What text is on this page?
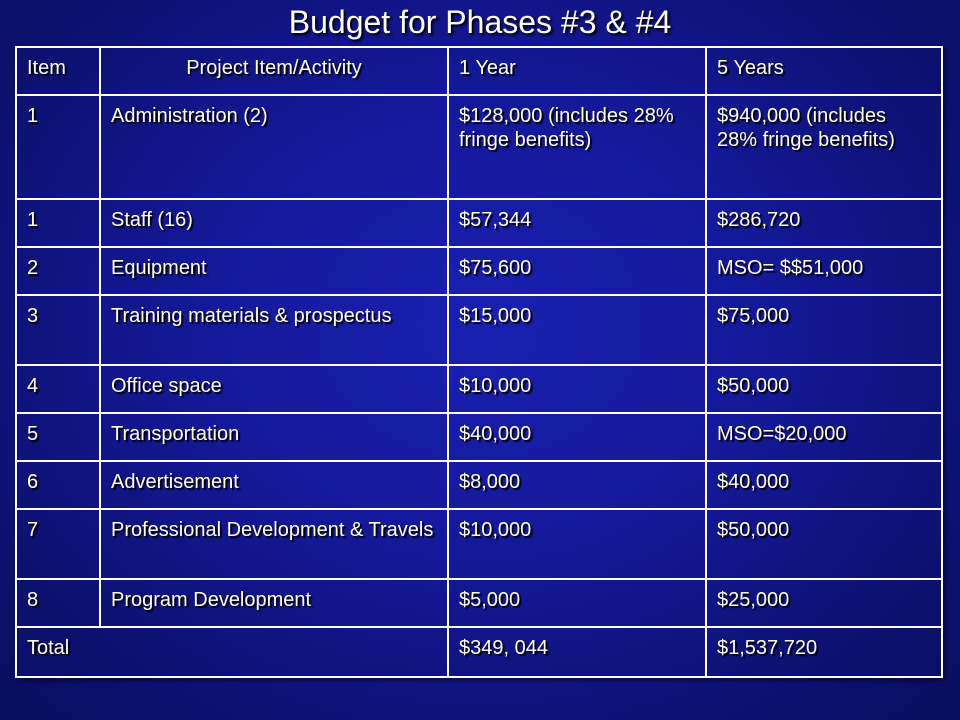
Budget for Phases #3 & #4
Item	Project Item/Activity	1 Year	5 Years
1	Administration (2)	$128,000 (includes 28% fringe benefits)	$940,000 (includes 28% fringe benefits)
1	Staff (16)	$57,344	$286,720
2	Equipment	$75,600	MSO= $$51,000
3	Training materials & prospectus	$15,000	$75,000
4	Office space	$10,000	$50,000
5	Transportation	$40,000	MSO=$20,000
6	Advertisement	$8,000	$40,000
7	Professional Development & Travels	$10,000	$50,000
8	Program Development	$5,000	$25,000
Total		$349, 044	$1,537,720
